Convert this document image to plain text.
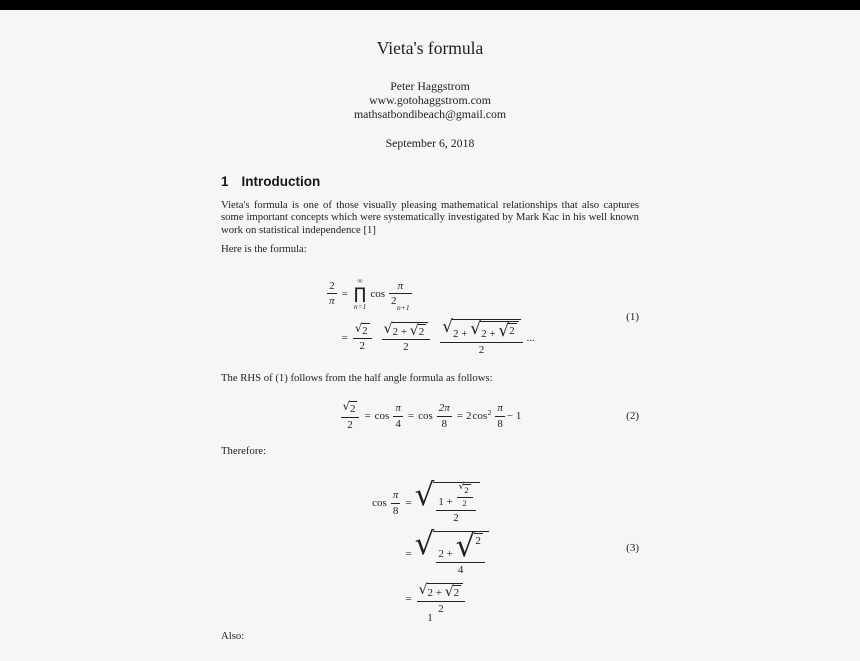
Vieta's formula
Peter Haggstrom
www.gotohaggstrom.com
mathsatbondibeach@gmail.com
September 6, 2018
1 Introduction

Vieta's formula is one of those visually pleasing mathematical relationships that also captures some important concepts which were systematically investigated by Mark Kac in his well known work on statistical independence [1]

Here is the formula:

$\frac{2}{\pi}$ =
∞
∏
n=1
$\cos \frac{\pi}{2 n+1}$
= $\frac{√ 2}{2} \frac{√ 2 + √ 2}{2} \frac{√ 2 + √ 2 + √ 2}{2}$ ...
(1)

The RHS of (1) follows from the half angle formula as follows:

$\frac{√ 2}{2} = \cos \frac{\pi}{4} = \cos \frac{2\pi}{8} = 2$ $\cos^2 \frac{\pi}{8} - 1$	(2)

Therefore:

$\cos \frac{\pi}{8}$ = √ $\frac{1 + \frac{√ 2}{2}}{2}$
= √ $\frac{2 + √ 2}{4}$
= $\frac{√ 2 + √ 2}{2}$
(3)

Also:

1
